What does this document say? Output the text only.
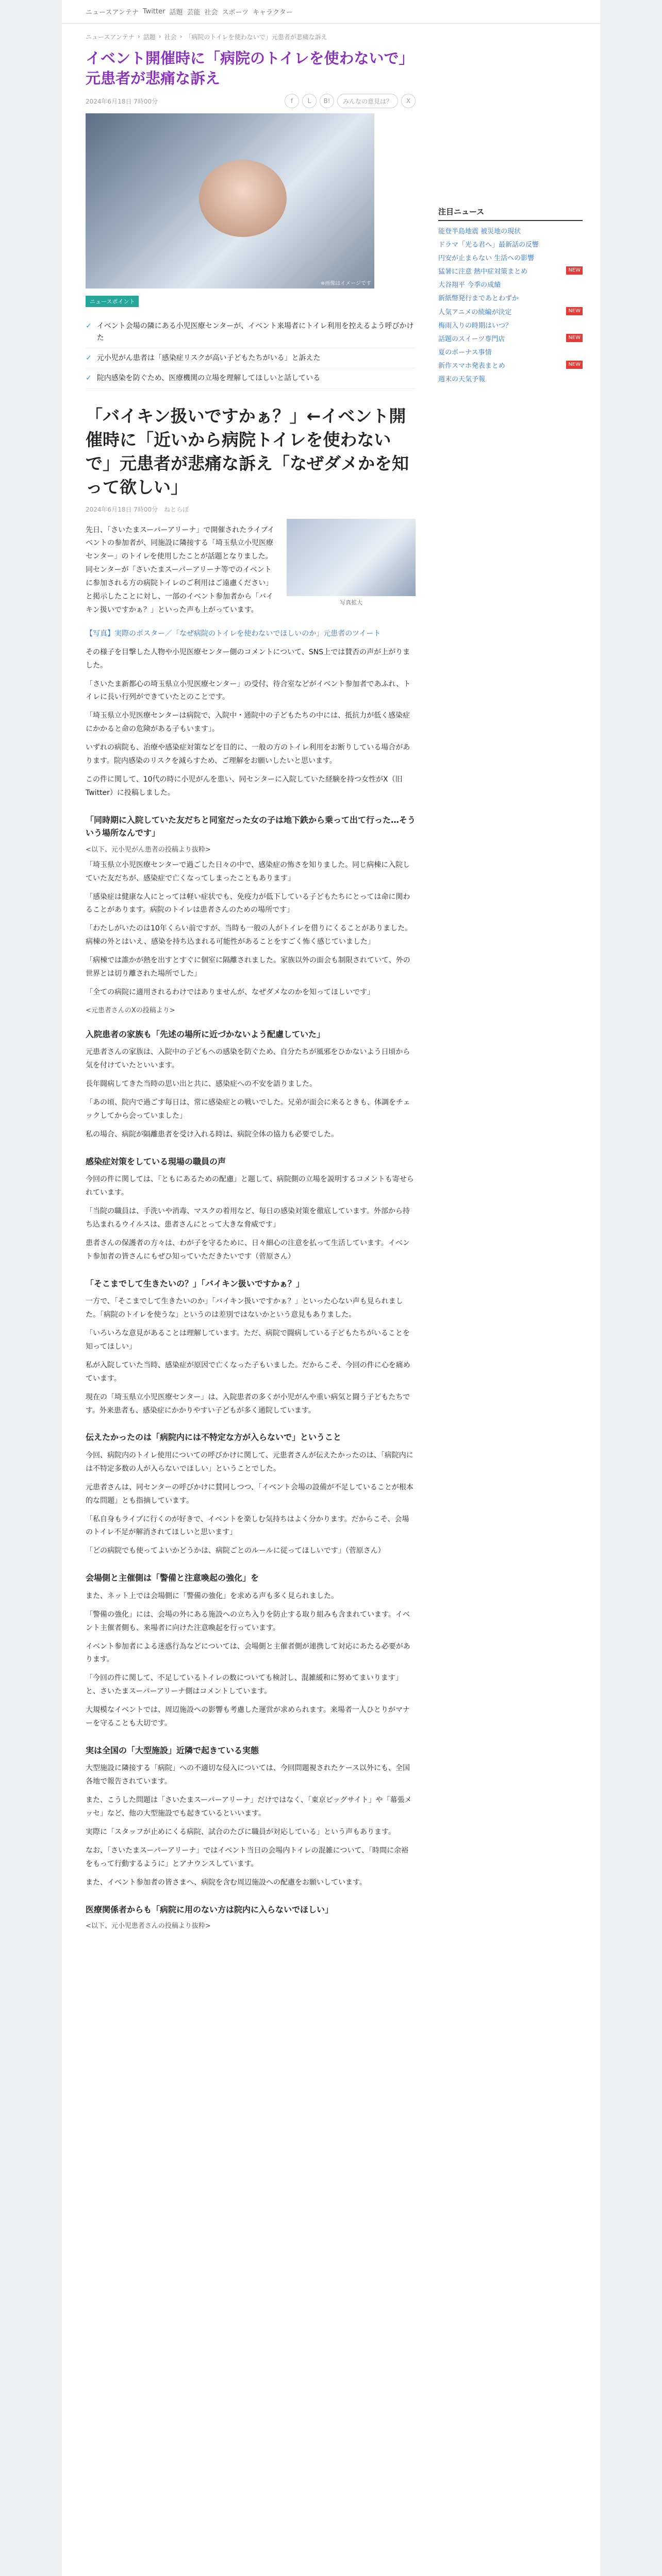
ニュースアンテナ Twitter 話題 芸能 社会 スポーツ キャラクター
ニュースアンテナ › 話題 › 社会 › 「病院のトイレを使わないで」元患者が悲痛な訴え
イベント開催時に「病院のトイレを使わないで」元患者が悲痛な訴え
2024年6月18日 7時00分	f	L	B!	みんなの意見は？	X
※画像はイメージです
ニュースポイント
✓ イベント会場の隣にある小児医療センターが、イベント来場者にトイレ利用を控えるよう呼びかけた
✓ 元小児がん患者は「感染症リスクが高い子どもたちがいる」と訴えた
✓ 院内感染を防ぐため、医療機関の立場を理解してほしいと話している
「バイキン扱いですかぁ？」←イベント開催時に「近いから病院トイレを使わないで」元患者が悲痛な訴え「なぜダメかを知って欲しい」
2024年6月18日 7時00分　ねとらぼ

先日、「さいたまスーパーアリーナ」で開催されたライブイベントの参加者が、同施設に隣接する「埼玉県立小児医療センター」のトイレを使用したことが話題となりました。同センターが「さいたまスーパーアリーナ等でのイベントに参加される方の病院トイレのご利用はご遠慮ください」と掲示したことに対し、一部のイベント参加者から「バイキン扱いですかぁ？」といった声も上がっています。

写真拡大

【写真】実際のポスター／「なぜ病院のトイレを使わないでほしいのか」元患者のツイート

その様子を目撃した人物や小児医療センター側のコメントについて、SNS上では賛否の声が上がりました。

「さいたま新都心の埼玉県立小児医療センター」の受付、待合室などがイベント参加者であふれ、トイレに長い行列ができていたとのことです。

「埼玉県立小児医療センターは病院で、入院中・通院中の子どもたちの中には、抵抗力が低く感染症にかかると命の危険がある子もいます」。

いずれの病院も、治療や感染症対策などを目的に、一般の方のトイレ利用をお断りしている場合があります。院内感染のリスクを減らすため、ご理解をお願いしたいと思います。

この件に関して、10代の時に小児がんを患い、同センターに入院していた経験を持つ女性がX（旧Twitter）に投稿しました。

「同時期に入院していた友だちと同室だった女の子は地下鉄から乗って出て行った…そういう場所なんです」
<以下、元小児がん患者の投稿より抜粋>

「埼玉県立小児医療センターで過ごした日々の中で、感染症の怖さを知りました。同じ病棟に入院していた友だちが、感染症で亡くなってしまったこともあります」

「感染症は健康な人にとっては軽い症状でも、免疫力が低下している子どもたちにとっては命に関わることがあります。病院のトイレは患者さんのための場所です」

「わたしがいたのは10年くらい前ですが、当時も一般の人がトイレを借りにくることがありました。病棟の外とはいえ、感染を持ち込まれる可能性があることをすごく怖く感じていました」

「病棟では誰かが熱を出すとすぐに個室に隔離されました。家族以外の面会も制限されていて、外の世界とは切り離された場所でした」

「全ての病院に適用されるわけではありませんが、なぜダメなのかを知ってほしいです」

<元患者さんのXの投稿より>
入院患者の家族も「先述の場所に近づかないよう配慮していた」

元患者さんの家族は、入院中の子どもへの感染を防ぐため、自分たちが風邪をひかないよう日頃から気を付けていたといいます。

長年闘病してきた当時の思い出と共に、感染症への不安を語りました。

「あの頃、院内で過ごす毎日は、常に感染症との戦いでした。兄弟が面会に来るときも、体調をチェックしてから会っていました」

私の場合、病院が隔離患者を受け入れる時は、病院全体の協力も必要でした。

感染症対策をしている現場の職員の声

今回の件に関しては、「ともにあるための配慮」と題して、病院側の立場を説明するコメントも寄せられています。

「当院の職員は、手洗いや消毒、マスクの着用など、毎日の感染対策を徹底しています。外部から持ち込まれるウイルスは、患者さんにとって大きな脅威です」

患者さんの保護者の方々は、わが子を守るために、日々細心の注意を払って生活しています。イベント参加者の皆さんにもぜひ知っていただきたいです（菅原さん）

「そこまでして生きたいの？」「バイキン扱いですかぁ？」

一方で、「そこまでして生きたいのか」「バイキン扱いですかぁ？」といった心ない声も見られました。「病院のトイレを使うな」というのは差別ではないかという意見もありました。

「いろいろな意見があることは理解しています。ただ、病院で闘病している子どもたちがいることを知ってほしい」

私が入院していた当時、感染症が原因で亡くなった子もいました。だからこそ、今回の件に心を痛めています。

現在の「埼玉県立小児医療センター」は、入院患者の多くが小児がんや重い病気と闘う子どもたちです。外来患者も、感染症にかかりやすい子どもが多く通院しています。

伝えたかったのは「病院内には不特定な方が入らないで」ということ

今回、病院内のトイレ使用についての呼びかけに関して、元患者さんが伝えたかったのは、「病院内には不特定多数の人が入らないでほしい」ということでした。

元患者さんは、同センターの呼びかけに賛同しつつ、「イベント会場の設備が不足していることが根本的な問題」とも指摘しています。

「私自身もライブに行くのが好きで、イベントを楽しむ気持ちはよく分かります。だからこそ、会場のトイレ不足が解消されてほしいと思います」

「どの病院でも使ってよいかどうかは、病院ごとのルールに従ってほしいです」（菅原さん）

会場側と主催側は「警備と注意喚起の強化」を

また、ネット上では会場側に「警備の強化」を求める声も多く見られました。

「警備の強化」には、会場の外にある施設への立ち入りを防止する取り組みも含まれています。イベント主催者側も、来場者に向けた注意喚起を行っています。

イベント参加者による迷惑行為などについては、会場側と主催者側が連携して対応にあたる必要があります。

「今回の件に関して、不足しているトイレの数についても検討し、混雑緩和に努めてまいります」と、さいたまスーパーアリーナ側はコメントしています。

大規模なイベントでは、周辺施設への影響も考慮した運営が求められます。来場者一人ひとりがマナーを守ることも大切です。

実は全国の「大型施設」近隣で起きている実態

大型施設に隣接する「病院」への不適切な侵入については、今回問題視されたケース以外にも、全国各地で報告されています。

また、こうした問題は「さいたまスーパーアリーナ」だけではなく、「東京ビッグサイト」や「幕張メッセ」など、他の大型施設でも起きているといいます。

実際に「スタッフが止めにくる病院、試合のたびに職員が対応している」という声もあります。

なお、「さいたまスーパーアリーナ」ではイベント当日の会場内トイレの混雑について、「時間に余裕をもって行動するように」とアナウンスしています。

また、イベント参加者の皆さまへ、病院を含む周辺施設への配慮をお願いしています。

医療関係者からも「病院に用のない方は院内に入らないでほしい」
<以下、元小児患者さんの投稿より抜粋>
注目ニュース
能登半島地震 被災地の現状
ドラマ「光る君へ」最新話の反響
円安が止まらない 生活への影響
猛暑に注意 熱中症対策まとめ	NEW
大谷翔平 今季の成績
新紙幣発行まであとわずか
人気アニメの続編が決定	NEW
梅雨入りの時期はいつ？
話題のスイーツ専門店	NEW
夏のボーナス事情
新作スマホ発表まとめ	NEW
週末の天気予報
